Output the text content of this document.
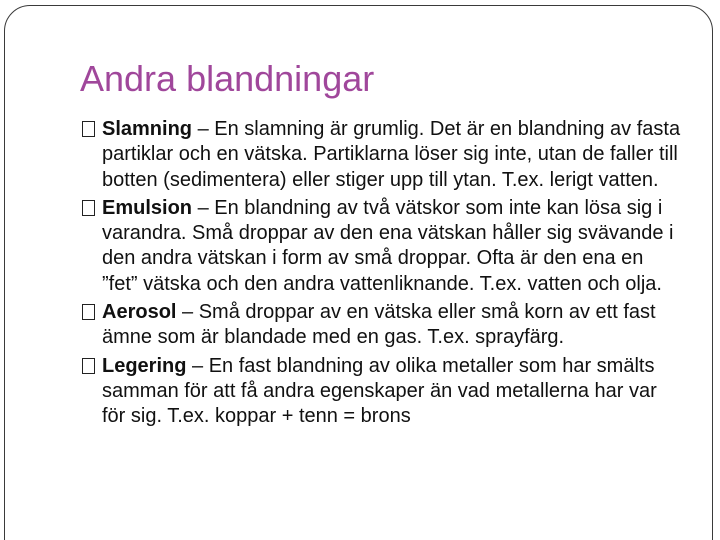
Andra blandningar

Slamning – En slamning är grumlig. Det är en blandning av fasta partiklar och en vätska. Partiklarna löser sig inte, utan de faller till botten (sedimentera) eller stiger upp till ytan. T.ex. lerigt vatten.

Emulsion – En blandning av två vätskor som inte kan lösa sig i varandra. Små droppar av den ena vätskan håller sig svävande i den andra vätskan i form av små droppar. Ofta är den ena en ”fet” vätska och den andra vattenliknande. T.ex. vatten och olja.

Aerosol – Små droppar av en vätska eller små korn av ett fast ämne som är blandade med en gas. T.ex. sprayfärg.

Legering – En fast blandning av olika metaller som har smälts samman för att få andra egenskaper än vad metallerna har var för sig. T.ex. koppar + tenn = brons
